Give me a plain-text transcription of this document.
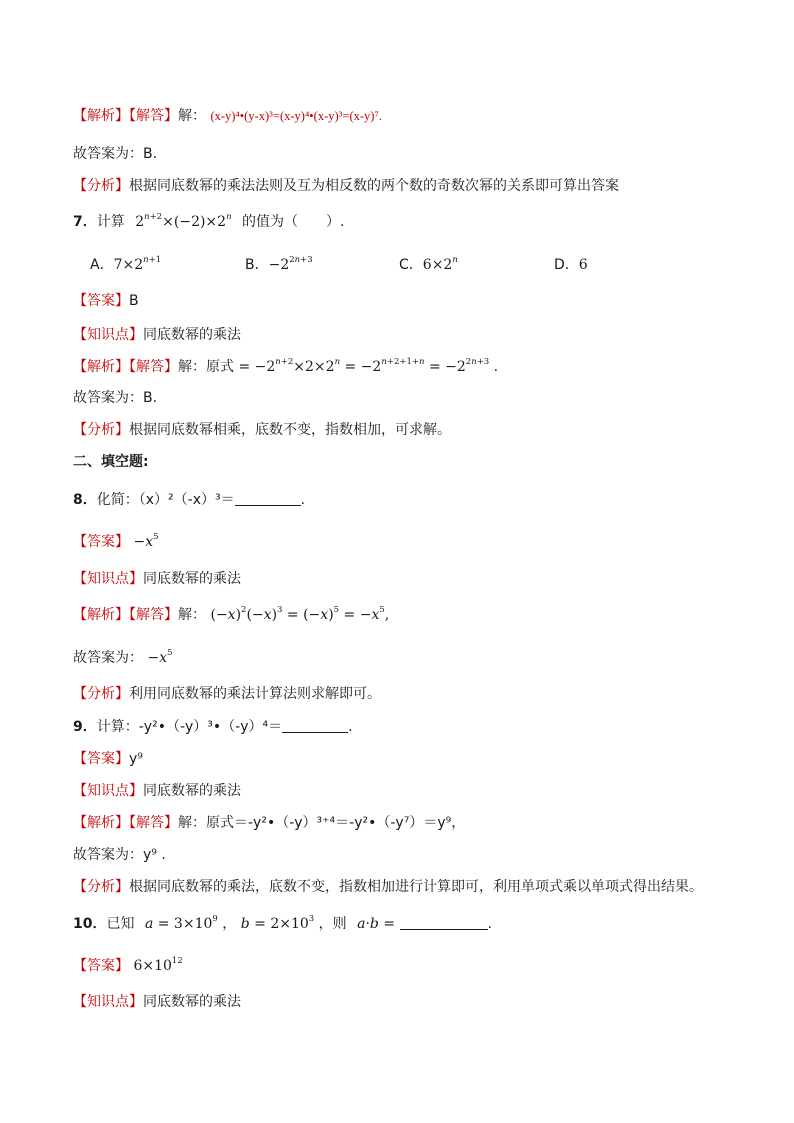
【解析】【解答】解： (x-y)⁴•(y-x)³=(x-y)⁴•(x-y)³=(x-y)⁷.
故答案为：B.
【分析】根据同底数幂的乘法法则及互为相反数的两个数的奇数次幂的关系即可算出答案
7．计算 $2^{n+2}\times(-2)\times 2^n$ 的值为（　　）.
A．$7\times 2^{n+1}$	B．$-2^{2n+3}$	C．$6\times 2^n$	D．6
【答案】B
【知识点】同底数幂的乘法
【解析】【解答】解：原式 = $-2^{n+2}\times 2\times 2^n = -2^{n+2+1+n} = -2^{2n+3}$ .
故答案为：B.
【分析】根据同底数幂相乘，底数不变，指数相加，可求解。
二、填空题:
8．化简：（x）²（-x）³＝	.
【答案】 $-x^5$
【知识点】同底数幂的乘法
【解析】【解答】解： $(-x)^2(-x)^3 = (-x)^5 = -x^5$,
故答案为： $-x^5$
【分析】利用同底数幂的乘法计算法则求解即可。
9．计算：-y²•（-y）³•（-y）⁴＝	.
【答案】y⁹
【知识点】同底数幂的乘法
【解析】【解答】解：原式＝-y²•（-y）³⁺⁴＝-y²•（-y⁷）＝y⁹，
故答案为：y⁹ .
【分析】根据同底数幂的乘法，底数不变，指数相加进行计算即可，利用单项式乘以单项式得出结果。
10．已知 $a = 3\times 10^9$ ， $b = 2\times 10^3$ ，则 a·b =	.
【答案】 $6\times 10^{12}$
【知识点】同底数幂的乘法
